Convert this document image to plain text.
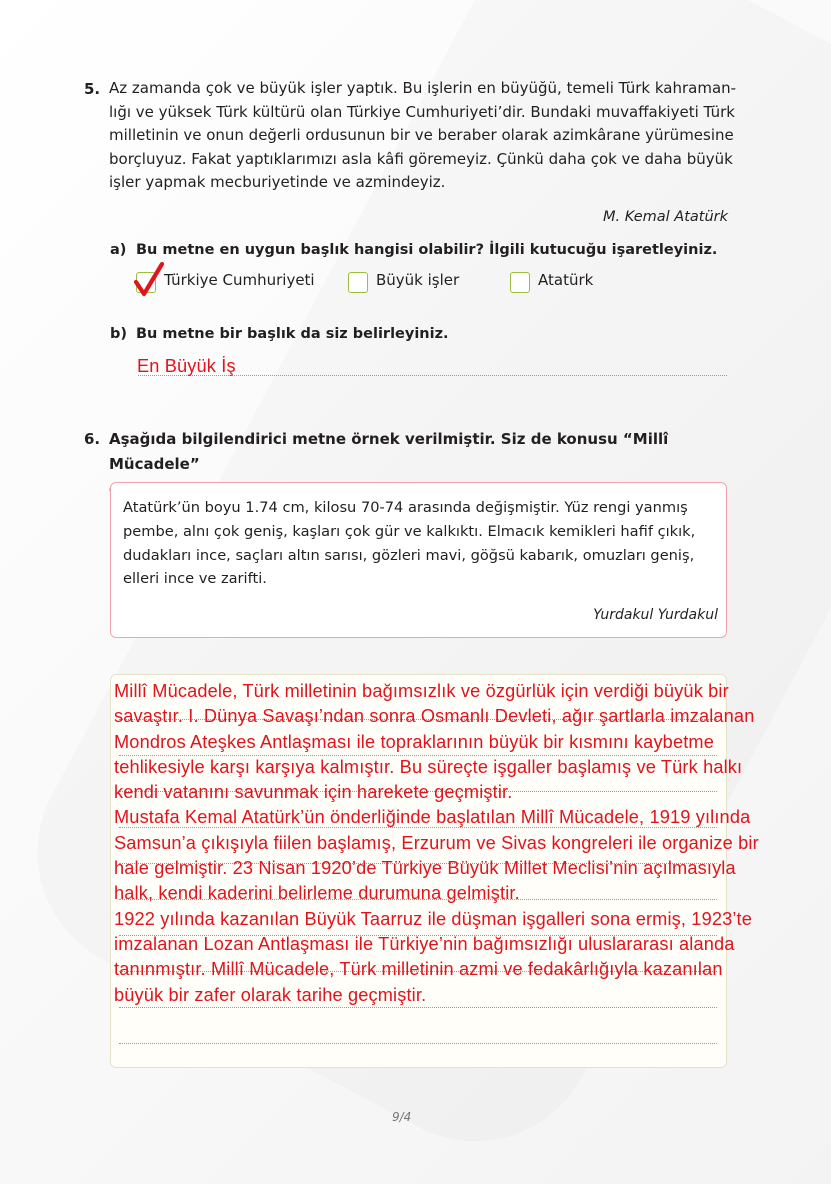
5. Az zamanda çok ve büyük işler yaptık. Bu işlerin en büyüğü, temeli Türk kahraman-
lığı ve yüksek Türk kültürü olan Türkiye Cumhuriyeti’dir. Bundaki muvaffakiyeti Türk
milletinin ve onun değerli ordusunun bir ve beraber olarak azimkârane yürümesine
borçluyuz. Fakat yaptıklarımızı asla kâfi göremeyiz. Çünkü daha çok ve daha büyük
işler yapmak mecburiyetinde ve azmindeyiz.
M. Kemal Atatürk
a) Bu metne en uygun başlık hangisi olabilir? İlgili kutucuğu işaretleyiniz.
Türkiye Cumhuriyeti	Büyük işler	Atatürk
b) Bu metne bir başlık da siz belirleyiniz.
En Büyük İş
6. Aşağıda bilgilendirici metne örnek verilmiştir. Siz de konusu “Millî Mücadele”
Atatürk’ün boyu 1.74 cm, kilosu 70-74 arasında değişmiştir. Yüz rengi yanmış
pembe, alnı çok geniş, kaşları çok gür ve kalkıktı. Elmacık kemikleri hafif çıkık,
dudakları ince, saçları altın sarısı, gözleri mavi, göğsü kabarık, omuzları geniş,
elleri ince ve zarifti.
Yurdakul Yurdakul
Millî Mücadele, Türk milletinin bağımsızlık ve özgürlük için verdiği büyük bir
savaştır. I. Dünya Savaşı’ndan sonra Osmanlı Devleti, ağır şartlarla imzalanan
Mondros Ateşkes Antlaşması ile topraklarının büyük bir kısmını kaybetme
tehlikesiyle karşı karşıya kalmıştır. Bu süreçte işgaller başlamış ve Türk halkı
kendi vatanını savunmak için harekete geçmiştir.
Mustafa Kemal Atatürk’ün önderliğinde başlatılan Millî Mücadele, 1919 yılında
Samsun’a çıkışıyla fiilen başlamış, Erzurum ve Sivas kongreleri ile organize bir
hale gelmiştir. 23 Nisan 1920’de Türkiye Büyük Millet Meclisi’nin açılmasıyla
halk, kendi kaderini belirleme durumuna gelmiştir.
1922 yılında kazanılan Büyük Taarruz ile düşman işgalleri sona ermiş, 1923’te
imzalanan Lozan Antlaşması ile Türkiye’nin bağımsızlığı uluslararası alanda
tanınmıştır. Millî Mücadele, Türk milletinin azmi ve fedakârlığıyla kazanılan
büyük bir zafer olarak tarihe geçmiştir.
9/4
